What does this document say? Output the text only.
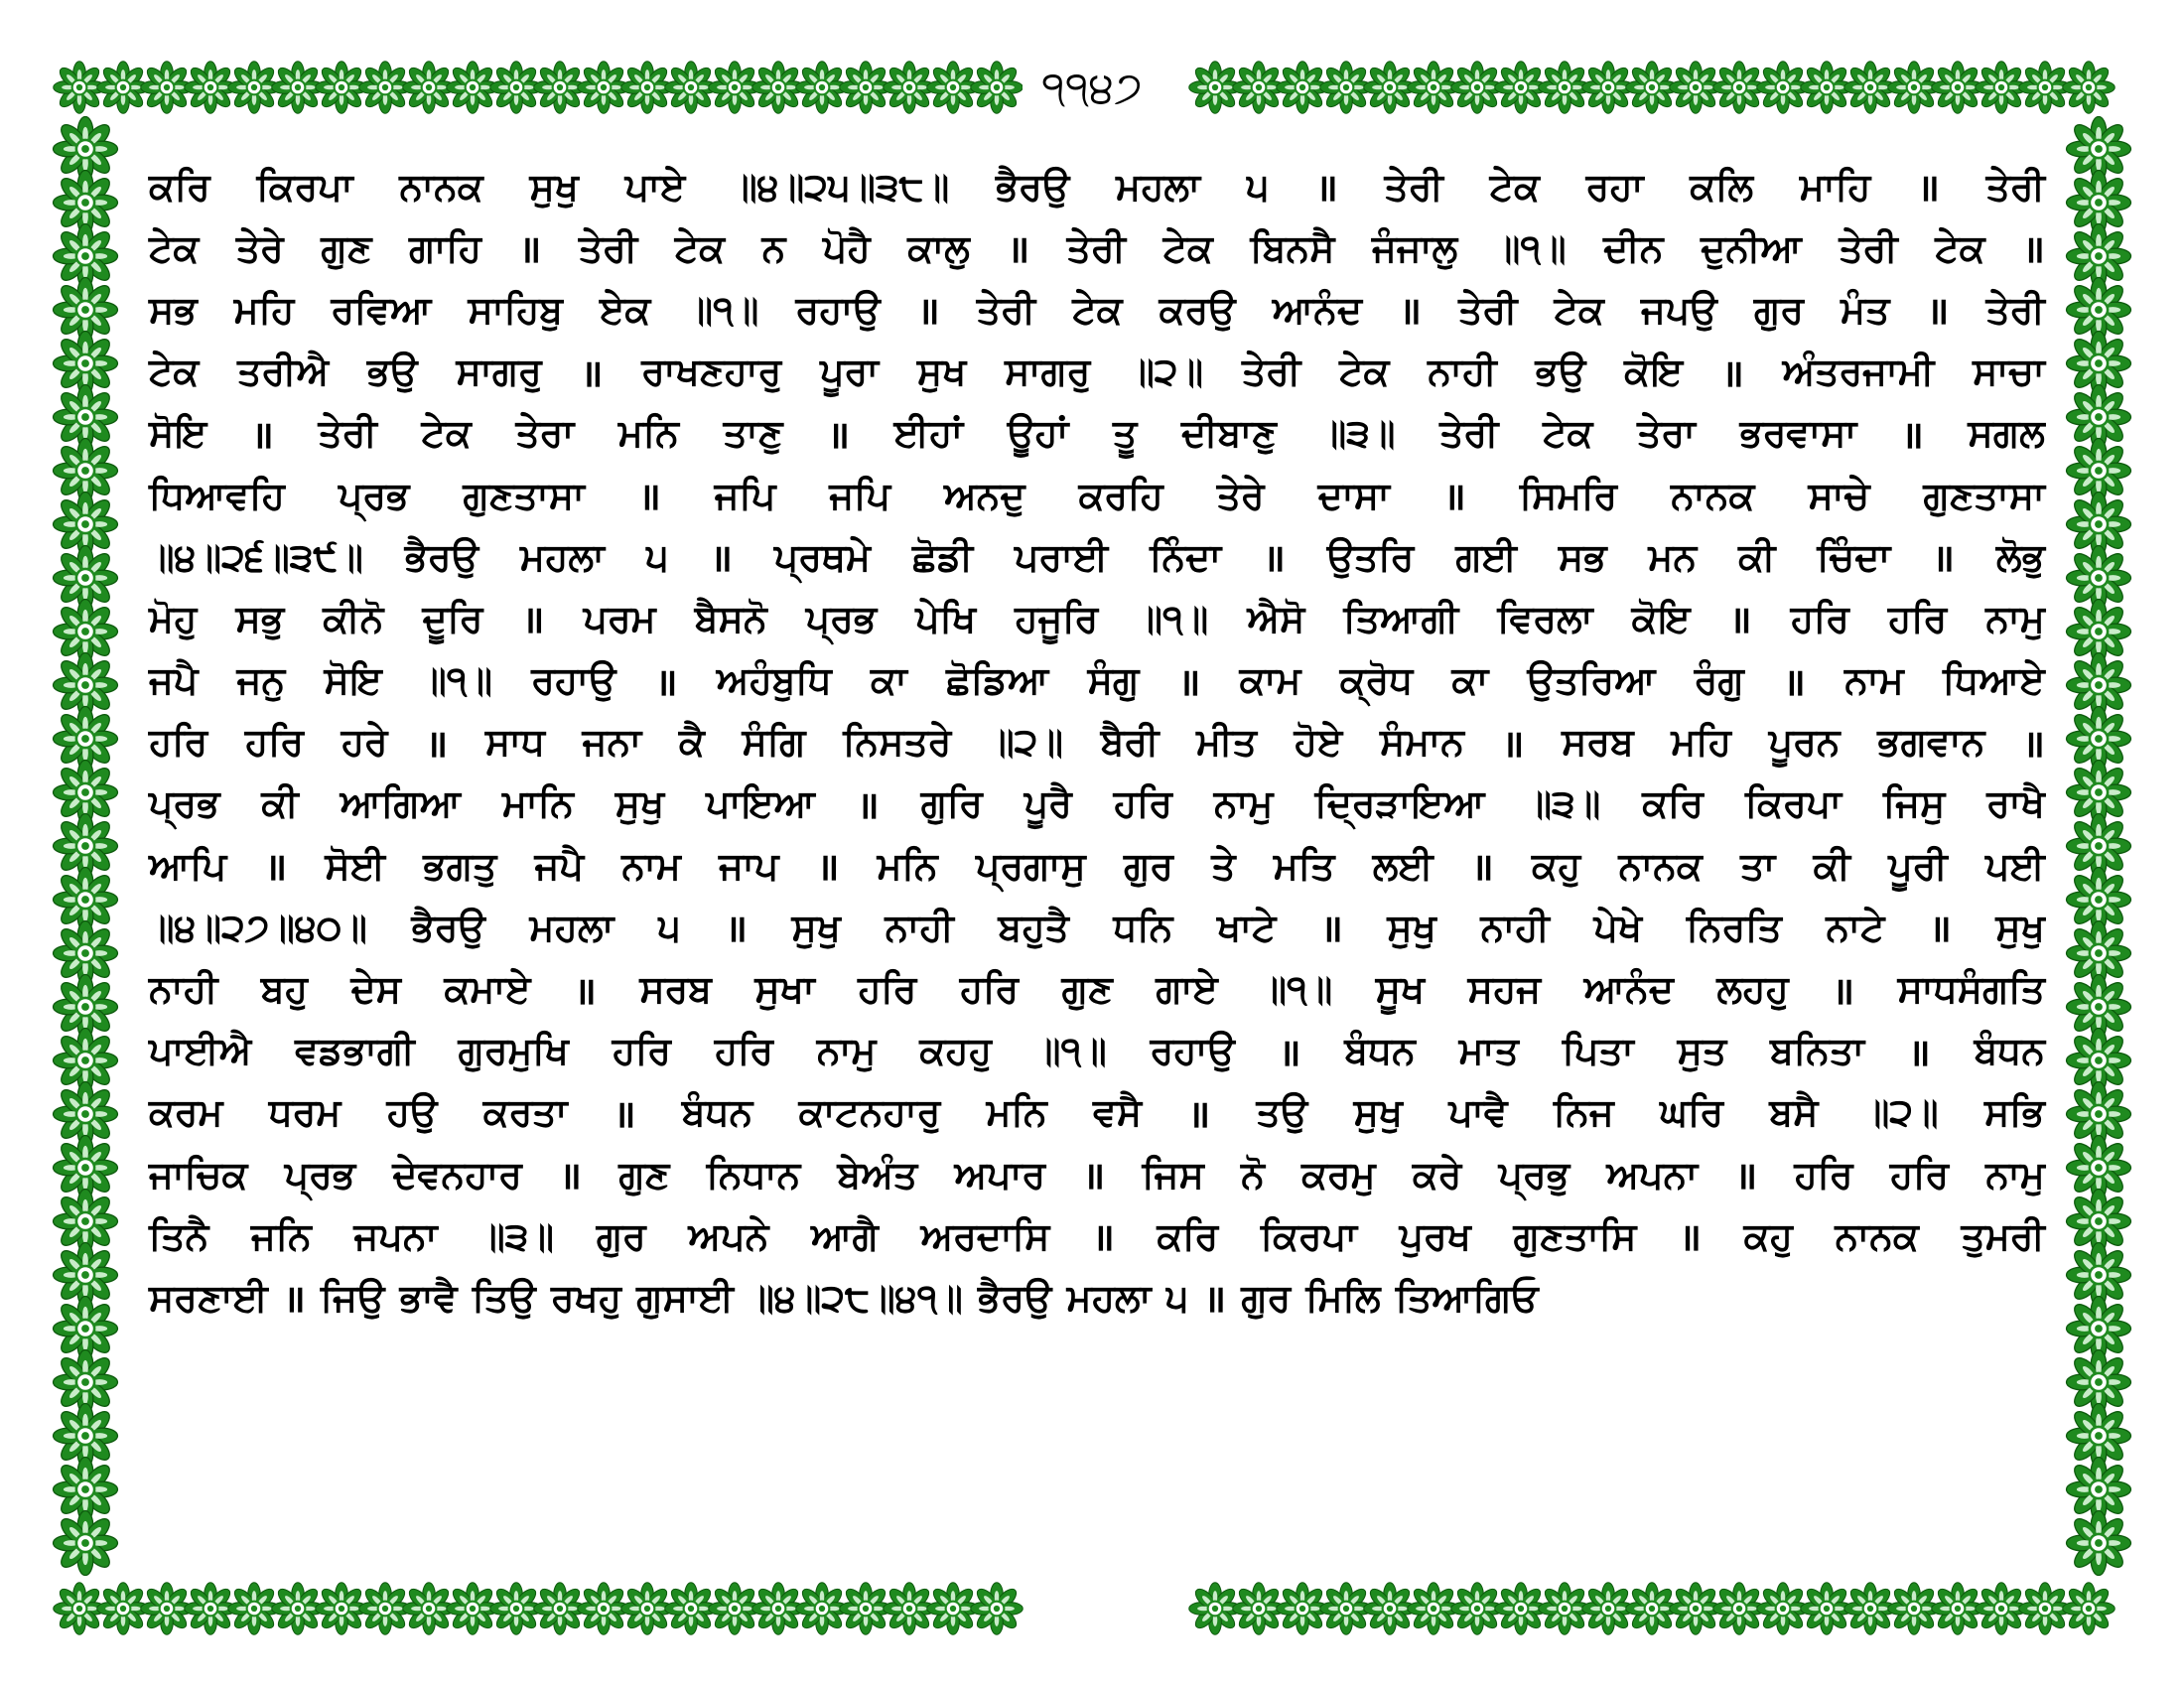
੧੧੪੭
ਕਰਿ ਕਿਰਪਾ ਨਾਨਕ ਸੁਖੁ ਪਾਏ ॥੪॥੨੫॥੩੮॥ ਭੈਰਉ ਮਹਲਾ ੫ ॥ ਤੇਰੀ ਟੇਕ ਰਹਾ ਕਲਿ ਮਾਹਿ ॥ ਤੇਰੀ
ਟੇਕ ਤੇਰੇ ਗੁਣ ਗਾਹਿ ॥ ਤੇਰੀ ਟੇਕ ਨ ਪੋਹੈ ਕਾਲੁ ॥ ਤੇਰੀ ਟੇਕ ਬਿਨਸੈ ਜੰਜਾਲੁ ॥੧॥ ਦੀਨ ਦੁਨੀਆ ਤੇਰੀ ਟੇਕ ॥
ਸਭ ਮਹਿ ਰਵਿਆ ਸਾਹਿਬੁ ਏਕ ॥੧॥ ਰਹਾਉ ॥ ਤੇਰੀ ਟੇਕ ਕਰਉ ਆਨੰਦ ॥ ਤੇਰੀ ਟੇਕ ਜਪਉ ਗੁਰ ਮੰਤ ॥ ਤੇਰੀ
ਟੇਕ ਤਰੀਐ ਭਉ ਸਾਗਰੁ ॥ ਰਾਖਣਹਾਰੁ ਪੂਰਾ ਸੁਖ ਸਾਗਰੁ ॥੨॥ ਤੇਰੀ ਟੇਕ ਨਾਹੀ ਭਉ ਕੋਇ ॥ ਅੰਤਰਜਾਮੀ ਸਾਚਾ
ਸੋਇ ॥ ਤੇਰੀ ਟੇਕ ਤੇਰਾ ਮਨਿ ਤਾਣੁ ॥ ਈਹਾਂ ਊਹਾਂ ਤੂ ਦੀਬਾਣੁ ॥੩॥ ਤੇਰੀ ਟੇਕ ਤੇਰਾ ਭਰਵਾਸਾ ॥ ਸਗਲ
ਧਿਆਵਹਿ ਪ੍ਰਭ ਗੁਣਤਾਸਾ ॥ ਜਪਿ ਜਪਿ ਅਨਦੁ ਕਰਹਿ ਤੇਰੇ ਦਾਸਾ ॥ ਸਿਮਰਿ ਨਾਨਕ ਸਾਚੇ ਗੁਣਤਾਸਾ
॥੪॥੨੬॥੩੯॥ ਭੈਰਉ ਮਹਲਾ ੫ ॥ ਪ੍ਰਥਮੇ ਛੋਡੀ ਪਰਾਈ ਨਿੰਦਾ ॥ ਉਤਰਿ ਗਈ ਸਭ ਮਨ ਕੀ ਚਿੰਦਾ ॥ ਲੋਭੁ
ਮੋਹੁ ਸਭੁ ਕੀਨੋ ਦੂਰਿ ॥ ਪਰਮ ਬੈਸਨੋ ਪ੍ਰਭ ਪੇਖਿ ਹਜੂਰਿ ॥੧॥ ਐਸੋ ਤਿਆਗੀ ਵਿਰਲਾ ਕੋਇ ॥ ਹਰਿ ਹਰਿ ਨਾਮੁ
ਜਪੈ ਜਨੁ ਸੋਇ ॥੧॥ ਰਹਾਉ ॥ ਅਹੰਬੁਧਿ ਕਾ ਛੋਡਿਆ ਸੰਗੁ ॥ ਕਾਮ ਕ੍ਰੋਧ ਕਾ ਉਤਰਿਆ ਰੰਗੁ ॥ ਨਾਮ ਧਿਆਏ
ਹਰਿ ਹਰਿ ਹਰੇ ॥ ਸਾਧ ਜਨਾ ਕੈ ਸੰਗਿ ਨਿਸਤਰੇ ॥੨॥ ਬੈਰੀ ਮੀਤ ਹੋਏ ਸੰਮਾਨ ॥ ਸਰਬ ਮਹਿ ਪੂਰਨ ਭਗਵਾਨ ॥
ਪ੍ਰਭ ਕੀ ਆਗਿਆ ਮਾਨਿ ਸੁਖੁ ਪਾਇਆ ॥ ਗੁਰਿ ਪੂਰੈ ਹਰਿ ਨਾਮੁ ਦ੍ਰਿੜਾਇਆ ॥੩॥ ਕਰਿ ਕਿਰਪਾ ਜਿਸੁ ਰਾਖੈ
ਆਪਿ ॥ ਸੋਈ ਭਗਤੁ ਜਪੈ ਨਾਮ ਜਾਪ ॥ ਮਨਿ ਪ੍ਰਗਾਸੁ ਗੁਰ ਤੇ ਮਤਿ ਲਈ ॥ ਕਹੁ ਨਾਨਕ ਤਾ ਕੀ ਪੂਰੀ ਪਈ
॥੪॥੨੭॥੪੦॥ ਭੈਰਉ ਮਹਲਾ ੫ ॥ ਸੁਖੁ ਨਾਹੀ ਬਹੁਤੈ ਧਨਿ ਖਾਟੇ ॥ ਸੁਖੁ ਨਾਹੀ ਪੇਖੇ ਨਿਰਤਿ ਨਾਟੇ ॥ ਸੁਖੁ
ਨਾਹੀ ਬਹੁ ਦੇਸ ਕਮਾਏ ॥ ਸਰਬ ਸੁਖਾ ਹਰਿ ਹਰਿ ਗੁਣ ਗਾਏ ॥੧॥ ਸੂਖ ਸਹਜ ਆਨੰਦ ਲਹਹੁ ॥ ਸਾਧਸੰਗਤਿ
ਪਾਈਐ ਵਡਭਾਗੀ ਗੁਰਮੁਖਿ ਹਰਿ ਹਰਿ ਨਾਮੁ ਕਹਹੁ ॥੧॥ ਰਹਾਉ ॥ ਬੰਧਨ ਮਾਤ ਪਿਤਾ ਸੁਤ ਬਨਿਤਾ ॥ ਬੰਧਨ
ਕਰਮ ਧਰਮ ਹਉ ਕਰਤਾ ॥ ਬੰਧਨ ਕਾਟਨਹਾਰੁ ਮਨਿ ਵਸੈ ॥ ਤਉ ਸੁਖੁ ਪਾਵੈ ਨਿਜ ਘਰਿ ਬਸੈ ॥੨॥ ਸਭਿ
ਜਾਚਿਕ ਪ੍ਰਭ ਦੇਵਨਹਾਰ ॥ ਗੁਣ ਨਿਧਾਨ ਬੇਅੰਤ ਅਪਾਰ ॥ ਜਿਸ ਨੋ ਕਰਮੁ ਕਰੇ ਪ੍ਰਭੁ ਅਪਨਾ ॥ ਹਰਿ ਹਰਿ ਨਾਮੁ
ਤਿਨੈ ਜਨਿ ਜਪਨਾ ॥੩॥ ਗੁਰ ਅਪਨੇ ਆਗੈ ਅਰਦਾਸਿ ॥ ਕਰਿ ਕਿਰਪਾ ਪੁਰਖ ਗੁਣਤਾਸਿ ॥ ਕਹੁ ਨਾਨਕ ਤੁਮਰੀ
ਸਰਣਾਈ ॥ ਜਿਉ ਭਾਵੈ ਤਿਉ ਰਖਹੁ ਗੁਸਾਈ ॥੪॥੨੮॥੪੧॥ ਭੈਰਉ ਮਹਲਾ ੫ ॥ ਗੁਰ ਮਿਲਿ ਤਿਆਗਿਓ
